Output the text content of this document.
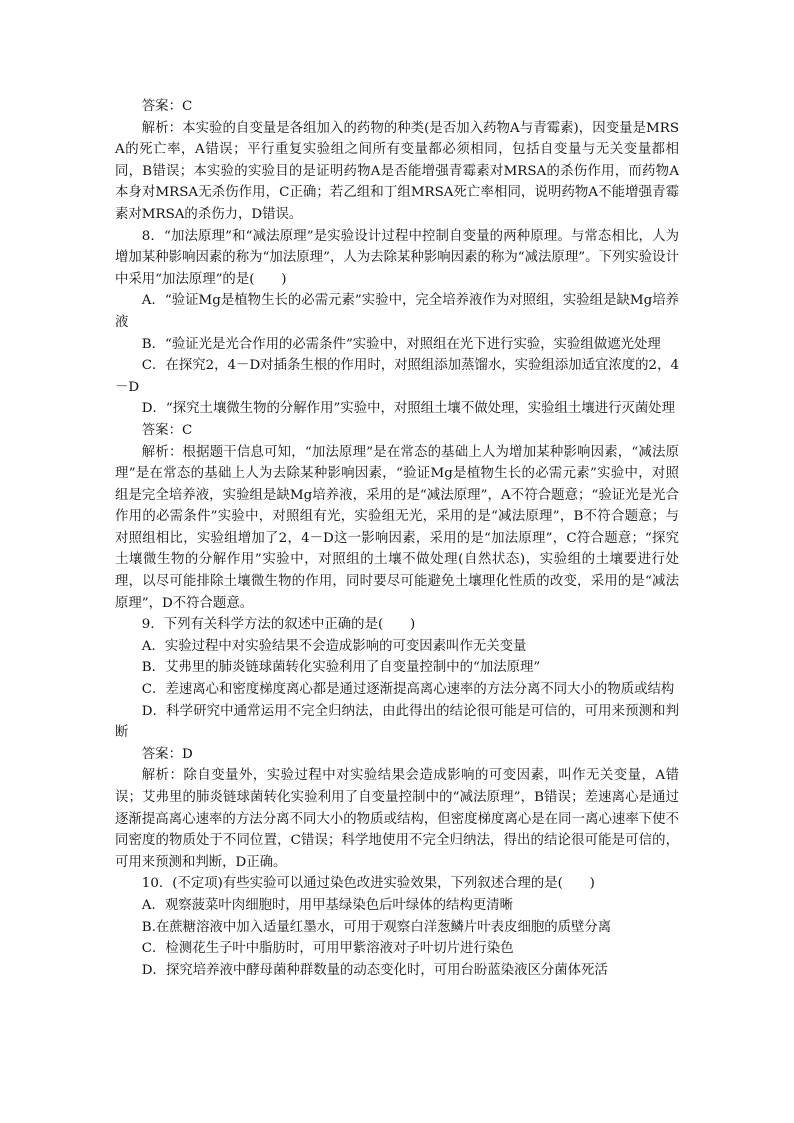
答案：C

解析：本实验的自变量是各组加入的药物的种类(是否加入药物A与青霉素)，因变量是MRSA的死亡率，A错误；平行重复实验组之间所有变量都必须相同，包括自变量与无关变量都相同，B错误；本实验的实验目的是证明药物A是否能增强青霉素对MRSA的杀伤作用，而药物A本身对MRSA无杀伤作用，C正确；若乙组和丁组MRSA死亡率相同，说明药物A不能增强青霉素对MRSA的杀伤力，D错误。

8．“加法原理”和“减法原理”是实验设计过程中控制自变量的两种原理。与常态相比，人为增加某种影响因素的称为“加法原理”，人为去除某种影响因素的称为“减法原理”。下列实验设计中采用“加法原理”的是(　　)

A．“验证Mg是植物生长的必需元素”实验中，完全培养液作为对照组，实验组是缺Mg培养液

B．“验证光是光合作用的必需条件”实验中，对照组在光下进行实验，实验组做遮光处理

C．在探究2，4－D对插条生根的作用时，对照组添加蒸馏水，实验组添加适宜浓度的2，4－D

D．“探究土壤微生物的分解作用”实验中，对照组土壤不做处理，实验组土壤进行灭菌处理

答案：C

解析：根据题干信息可知，“加法原理”是在常态的基础上人为增加某种影响因素，“减法原理”是在常态的基础上人为去除某种影响因素，“验证Mg是植物生长的必需元素”实验中，对照组是完全培养液，实验组是缺Mg培养液，采用的是“减法原理”，A不符合题意；“验证光是光合作用的必需条件”实验中，对照组有光，实验组无光，采用的是“减法原理”，B不符合题意；与对照组相比，实验组增加了2，4－D这一影响因素，采用的是“加法原理”，C符合题意；“探究土壤微生物的分解作用”实验中，对照组的土壤不做处理(自然状态)，实验组的土壤要进行处理，以尽可能排除土壤微生物的作用，同时要尽可能避免土壤理化性质的改变，采用的是“减法原理”，D不符合题意。

9．下列有关科学方法的叙述中正确的是(　　)

A．实验过程中对实验结果不会造成影响的可变因素叫作无关变量

B．艾弗里的肺炎链球菌转化实验利用了自变量控制中的“加法原理”

C．差速离心和密度梯度离心都是通过逐渐提高离心速率的方法分离不同大小的物质或结构

D．科学研究中通常运用不完全归纳法，由此得出的结论很可能是可信的，可用来预测和判断

答案：D

解析：除自变量外，实验过程中对实验结果会造成影响的可变因素，叫作无关变量，A错误；艾弗里的肺炎链球菌转化实验利用了自变量控制中的“减法原理”，B错误；差速离心是通过逐渐提高离心速率的方法分离不同大小的物质或结构，但密度梯度离心是在同一离心速率下使不同密度的物质处于不同位置，C错误；科学地使用不完全归纳法，得出的结论很可能是可信的，可用来预测和判断，D正确。

10．(不定项)有些实验可以通过染色改进实验效果，下列叙述合理的是(　　)

A．观察菠菜叶肉细胞时，用甲基绿染色后叶绿体的结构更清晰

B.在蔗糖溶液中加入适量红墨水，可用于观察白洋葱鳞片叶表皮细胞的质壁分离

C．检测花生子叶中脂肪时，可用甲紫溶液对子叶切片进行染色

D．探究培养液中酵母菌种群数量的动态变化时，可用台盼蓝染液区分菌体死活
